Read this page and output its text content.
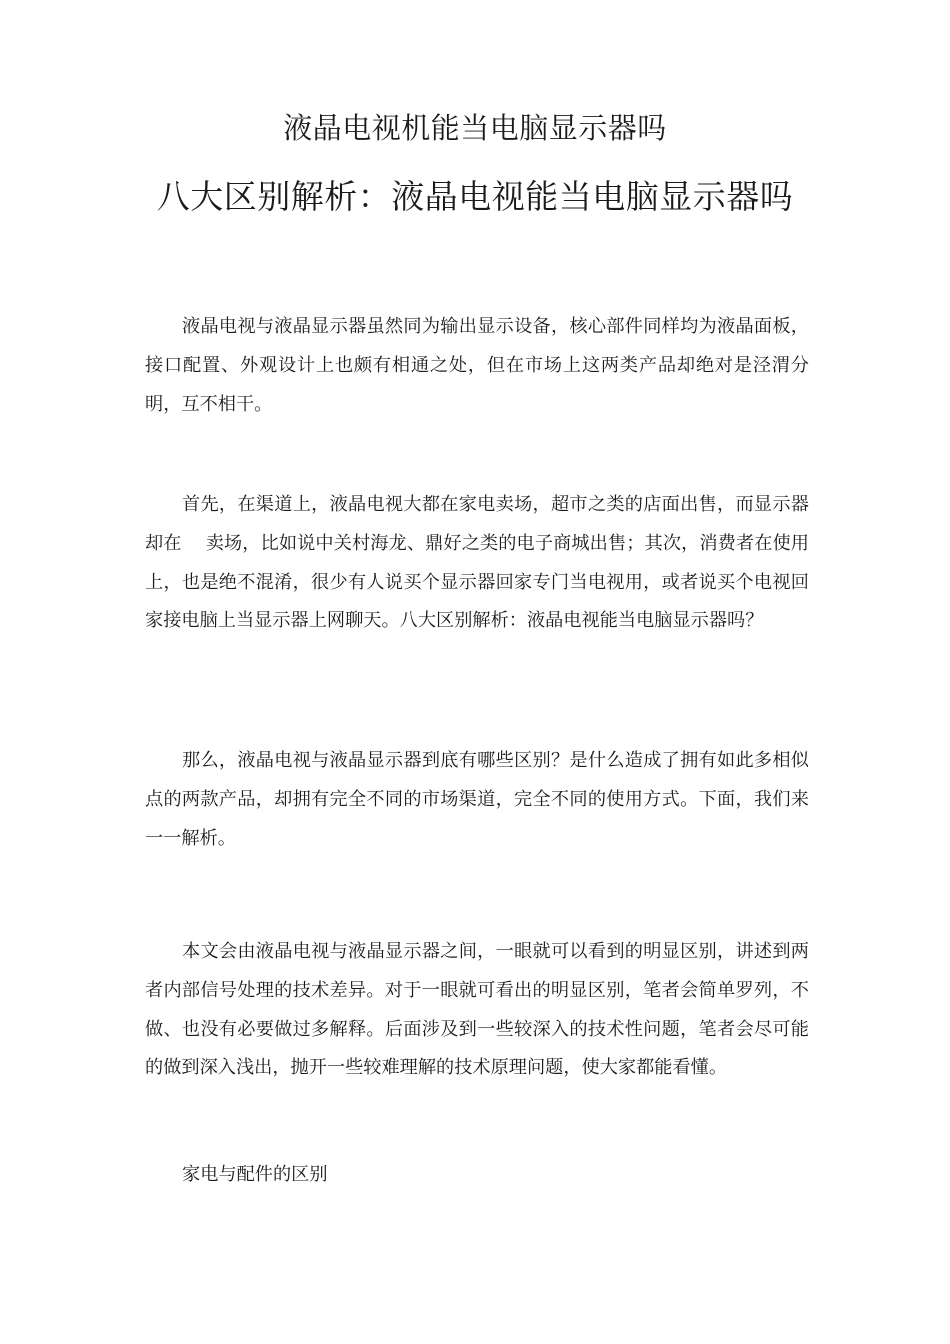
液晶电视机能当电脑显示器吗
八大区别解析：液晶电视能当电脑显示器吗

液晶电视与液晶显示器虽然同为输出显示设备，核心部件同样均为液晶面板，接口配置、外观设计上也颇有相通之处，但在市场上这两类产品却绝对是泾渭分明，互不相干。

首先，在渠道上，液晶电视大都在家电卖场，超市之类的店面出售，而显示器却在　 卖场，比如说中关村海龙、鼎好之类的电子商城出售；其次，消费者在使用上，也是绝不混淆，很少有人说买个显示器回家专门当电视用，或者说买个电视回家接电脑上当显示器上网聊天。八大区别解析：液晶电视能当电脑显示器吗？

那么，液晶电视与液晶显示器到底有哪些区别？是什么造成了拥有如此多相似点的两款产品，却拥有完全不同的市场渠道，完全不同的使用方式。下面，我们来一一解析。

本文会由液晶电视与液晶显示器之间，一眼就可以看到的明显区别，讲述到两者内部信号处理的技术差异。对于一眼就可看出的明显区别，笔者会简单罗列，不做、也没有必要做过多解释。后面涉及到一些较深入的技术性问题，笔者会尽可能的做到深入浅出，抛开一些较难理解的技术原理问题，使大家都能看懂。

家电与配件的区别
